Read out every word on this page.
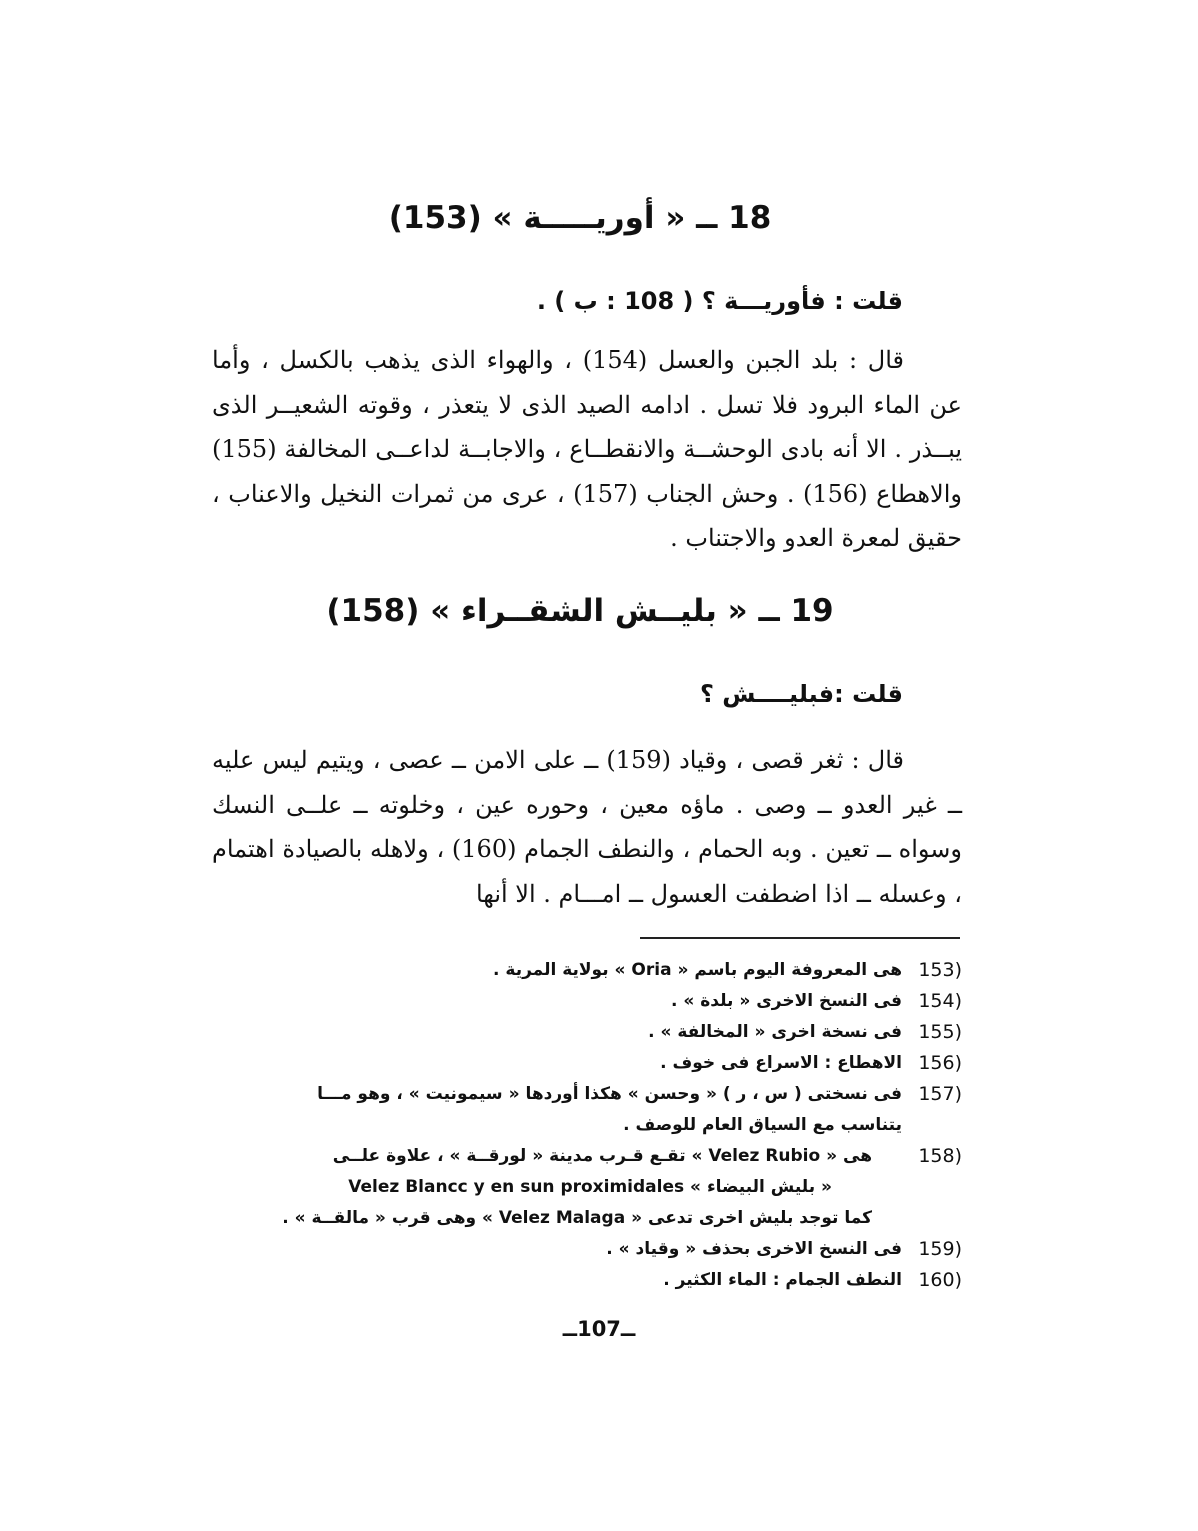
18 ــ « أوريـــــة » (153)
قلت : فأوريـــة ؟ ( 108 : ب ) .

قال : بلد الجبن والعسل (154) ، والهواء الذى يذهب بالكسل ، وأما عن الماء البرود فلا تسل . ادامه الصيد الذى لا يتعذر ، وقوته الشعيــر الذى يبــذر . الا أنه بادى الوحشــة والانقطــاع ، والاجابــة لداعــى المخالفة (155) والاهطاع (156) . وحش الجناب (157) ، عرى من ثمرات النخيل والاعناب ، حقيق لمعرة العدو والاجتناب .

19 ــ « بليــش الشقــراء » (158)
قلت :فبليــــش ؟

قال : ثغر قصى ، وقياد (159) ــ على الامن ــ عصى ، ويتيم ليس عليه ــ غير العدو ــ وصى . ماؤه معين ، وحوره عين ، وخلوته ــ علــى النسك وسواه ــ تعين . وبه الحمام ، والنطف الجمام (160) ، ولاهله بالصيادة اهتمام ، وعسله ــ اذا اضطفت العسول ــ امـــام . الا أنها

153)
هى المعروفة اليوم باسم « Oria » بولاية المرية .
154)
فى النسخ الاخرى « بلدة » .
155)
فى نسخة اخرى « المخالفة » .
156)
الاهطاع : الاسراع فى خوف .
157)
فى نسختى ( س ، ر ) « وحسن » هكذا أوردها « سيمونيت » ، وهو مـــا
يتناسب مع السياق العام للوصف .
158)
هى « Velez Rubio » تقـع قـرب مدينة « لورقــة » ، علاوة علــى
« بليش البيضاء » Velez Blancc y en sun proximidales
كما توجد بليش اخرى تدعى « Velez Malaga » وهى قرب « مالقــة » .
159)
فى النسخ الاخرى بحذف « وقياد » .
160)
النطف الجمام : الماء الكثير .
ــ107ــ
